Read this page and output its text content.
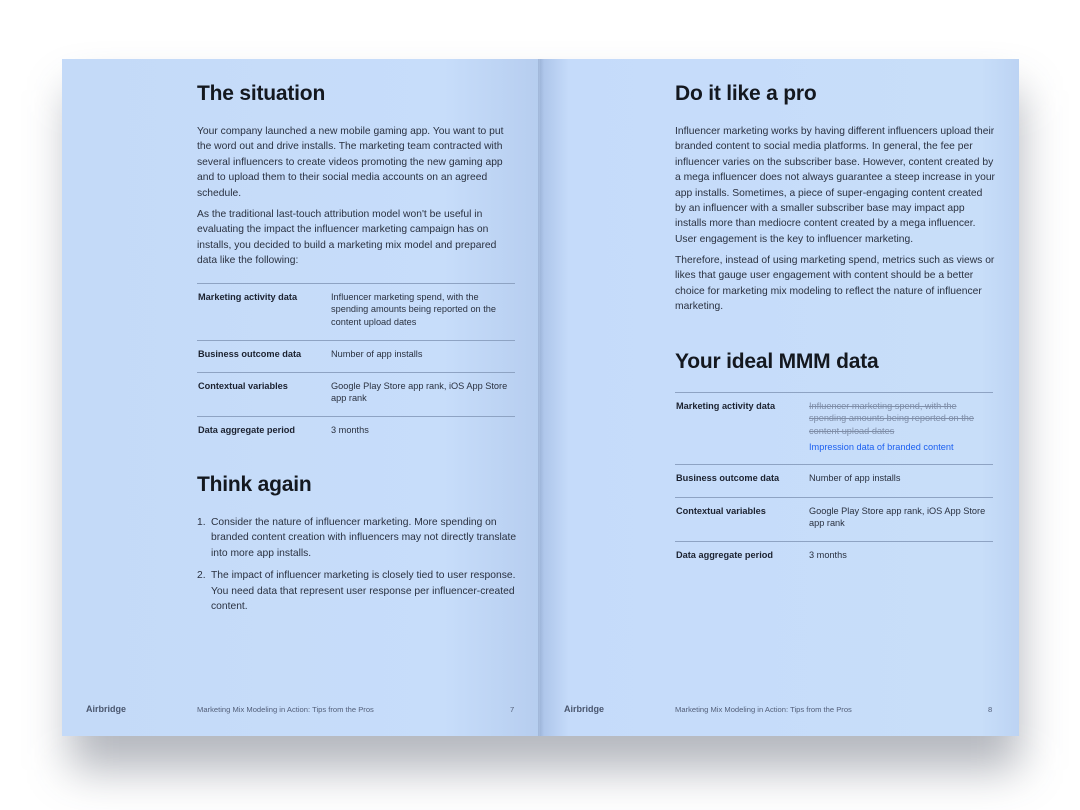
The situation

Your company launched a new mobile gaming app. You want to put the word out and drive installs. The marketing team contracted with several influencers to create videos promoting the new gaming app and to upload them to their social media accounts on an agreed schedule.

As the traditional last-touch attribution model won't be useful in evaluating the impact the influencer marketing campaign has on installs, you decided to build a marketing mix model and prepared data like the following:

Marketing activity data	Influencer marketing spend, with the spending amounts being reported on the content upload dates
Business outcome data	Number of app installs
Contextual variables	Google Play Store app rank, iOS App Store app rank
Data aggregate period	3 months
Think again
1. Consider the nature of influencer marketing. More spending on branded content creation with influencers may not directly translate into more app installs.
2. The impact of influencer marketing is closely tied to user response. You need data that represent user response per influencer-created content.
Airbridge	Marketing Mix Modeling in Action: Tips from the Pros	7
Do it like a pro

Influencer marketing works by having different influencers upload their branded content to social media platforms. In general, the fee per influencer varies on the subscriber base. However, content created by a mega influencer does not always guarantee a steep increase in your app installs. Sometimes, a piece of super-engaging content created by an influencer with a smaller subscriber base may impact app installs more than mediocre content created by a mega influencer. User engagement is the key to influencer marketing.

Therefore, instead of using marketing spend, metrics such as views or likes that gauge user engagement with content should be a better choice for marketing mix modeling to reflect the nature of influencer marketing.

Your ideal MMM data
Marketing activity data	Influencer marketing spend, with the spending amounts being reported on the content upload dates
Impression data of branded content
Business outcome data	Number of app installs
Contextual variables	Google Play Store app rank, iOS App Store app rank
Data aggregate period	3 months
Airbridge	Marketing Mix Modeling in Action: Tips from the Pros	8
